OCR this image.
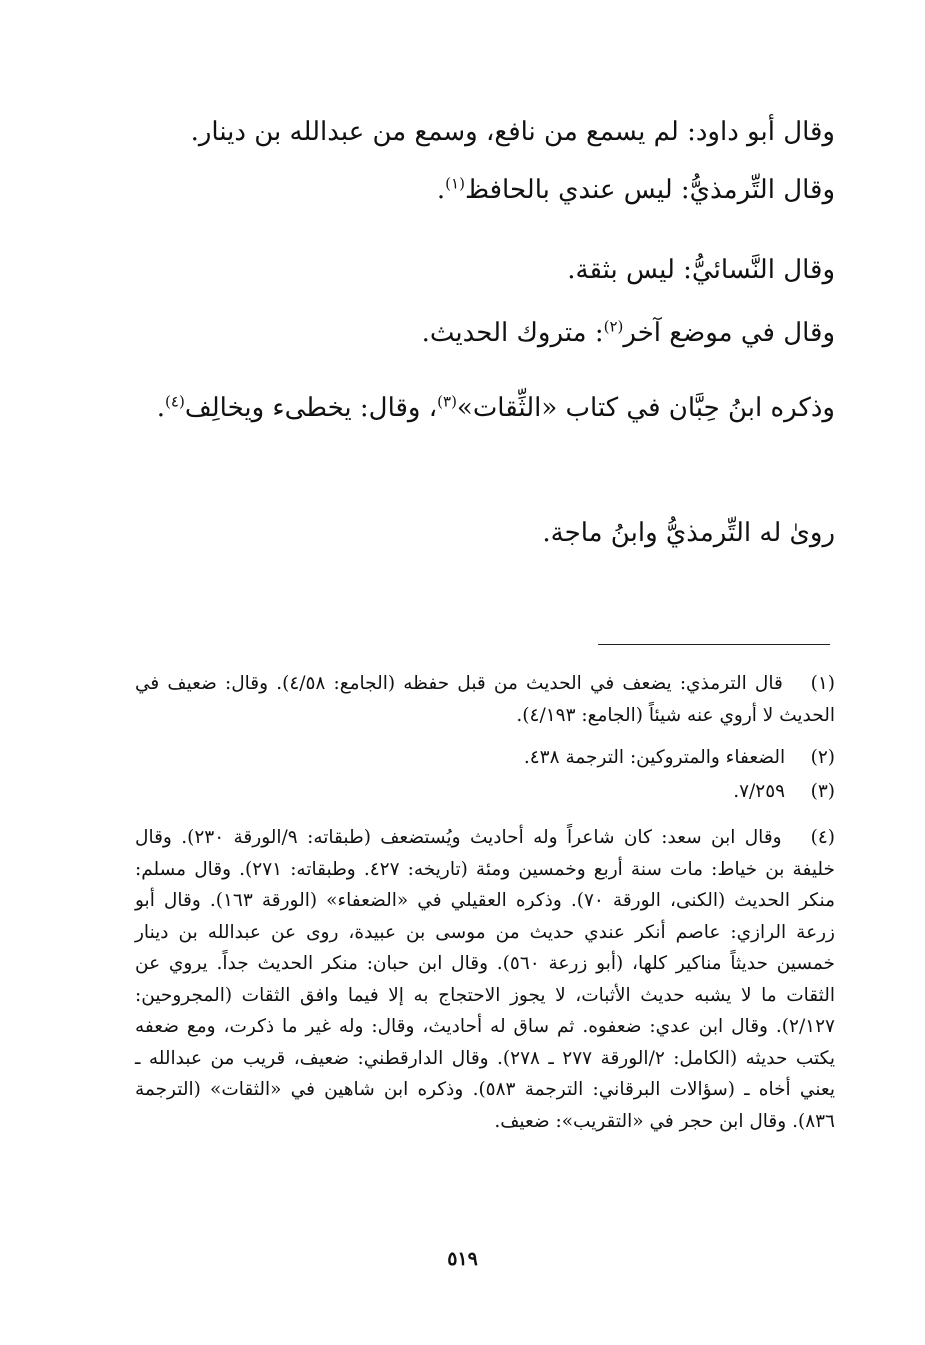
وقال أبو داود: لم يسمع من نافع، وسمع من عبدالله بن دينار.
وقال التِّرمذيُّ: ليس عندي بالحافظ$^{(١)}$.
وقال النَّسائيُّ: ليس بثقة.
وقال في موضع آخر$^{(٢)}$: متروك الحديث.
وذكره ابنُ حِبَّان في كتاب «الثِّقات»$^{(٣)}$، وقال: يخطىء ويخالِف$^{(٤)}$.
روىٰ له التِّرمذيُّ وابنُ ماجة.
(١) قال الترمذي: يضعف في الحديث من قبل حفظه (الجامع: ٤/٥٨). وقال: ضعيف في الحديث لا أروي عنه شيئاً (الجامع: ٤/١٩٣).
(٢) الضعفاء والمتروكين: الترجمة ٤٣٨.
(٣) ٧/٢٥٩.
(٤) وقال ابن سعد: كان شاعراً وله أحاديث ويُستضعف (طبقاته: ٩/الورقة ٢٣٠). وقال خليفة بن خياط: مات سنة أربع وخمسين ومئة (تاريخه: ٤٢٧. وطبقاته: ٢٧١). وقال مسلم: منكر الحديث (الكنى، الورقة ٧٠). وذكره العقيلي في «الضعفاء» (الورقة ١٦٣). وقال أبو زرعة الرازي: عاصم أنكر عندي حديث من موسى بن عبيدة، روى عن عبدالله بن دينار خمسين حديثاً مناكير كلها، (أبو زرعة ٥٦٠). وقال ابن حبان: منكر الحديث جداً. يروي عن الثقات ما لا يشبه حديث الأثبات، لا يجوز الاحتجاج به إلا فيما وافق الثقات (المجروحين: ٢/١٢٧). وقال ابن عدي: ضعفوه. ثم ساق له أحاديث، وقال: وله غير ما ذكرت، ومع ضعفه يكتب حديثه (الكامل: ٢/الورقة ٢٧٧ ـ ٢٧٨). وقال الدارقطني: ضعيف، قريب من عبدالله ـ يعني أخاه ـ (سؤالات البرقاني: الترجمة ٥٨٣). وذكره ابن شاهين في «الثقات» (الترجمة ٨٣٦). وقال ابن حجر في «التقريب»: ضعيف.
٥١٩
